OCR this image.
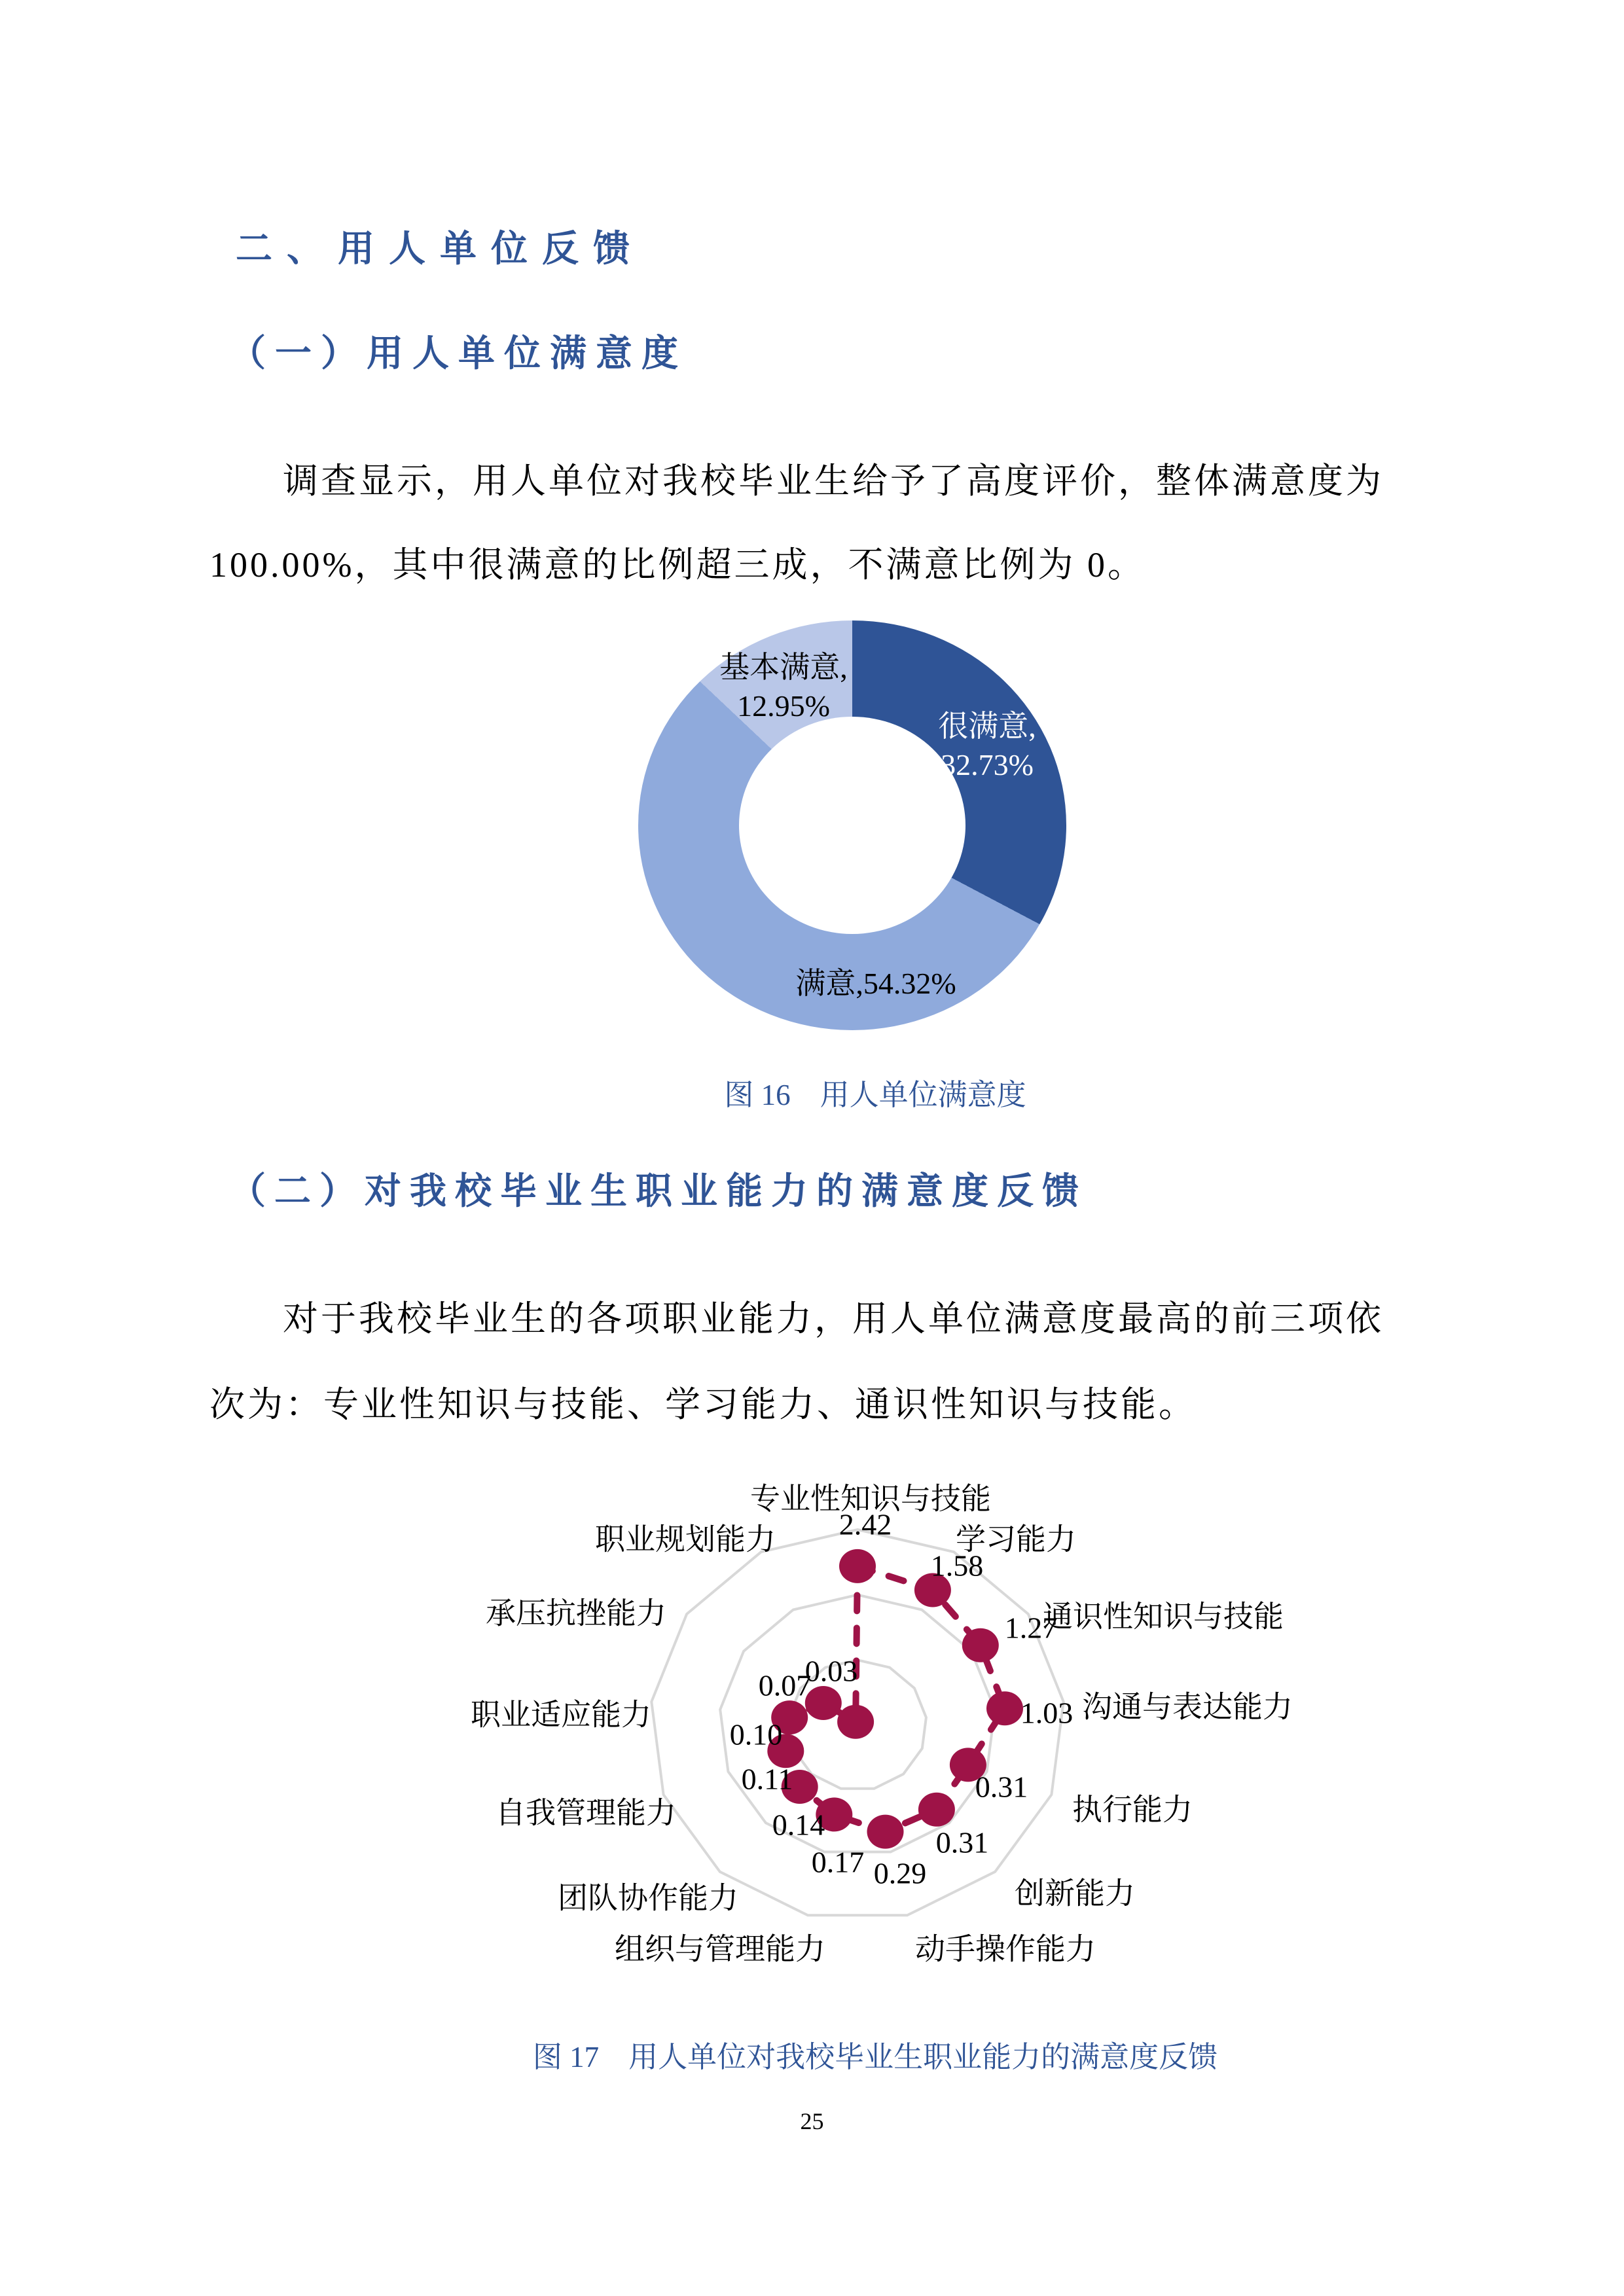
二、用人单位反馈
（一）用人单位满意度
调查显示，用人单位对我校毕业生给予了高度评价，整体满意度为
100.00%，其中很满意的比例超三成，不满意比例为 0。
很满意,
32.73%
基本满意,
12.95%
满意,54.32%
图 16　用人单位满意度
（二）对我校毕业生职业能力的满意度反馈
对于我校毕业生的各项职业能力，用人单位满意度最高的前三项依
次为：专业性知识与技能、学习能力、通识性知识与技能。
专业性知识与技能
2.42 学习能力
1.58
通识性知识与技能
1.27
沟通与表达能力
1.03
执行能力
0.31
创新能力
0.31
动手操作能力
0.29
组织与管理能力
0.17
团队协作能力
0.14
自我管理能力
0.11
职业适应能力
0.10
承压抗挫能力
0.07
职业规划能力
0.03
图 17　用人单位对我校毕业生职业能力的满意度反馈
25
